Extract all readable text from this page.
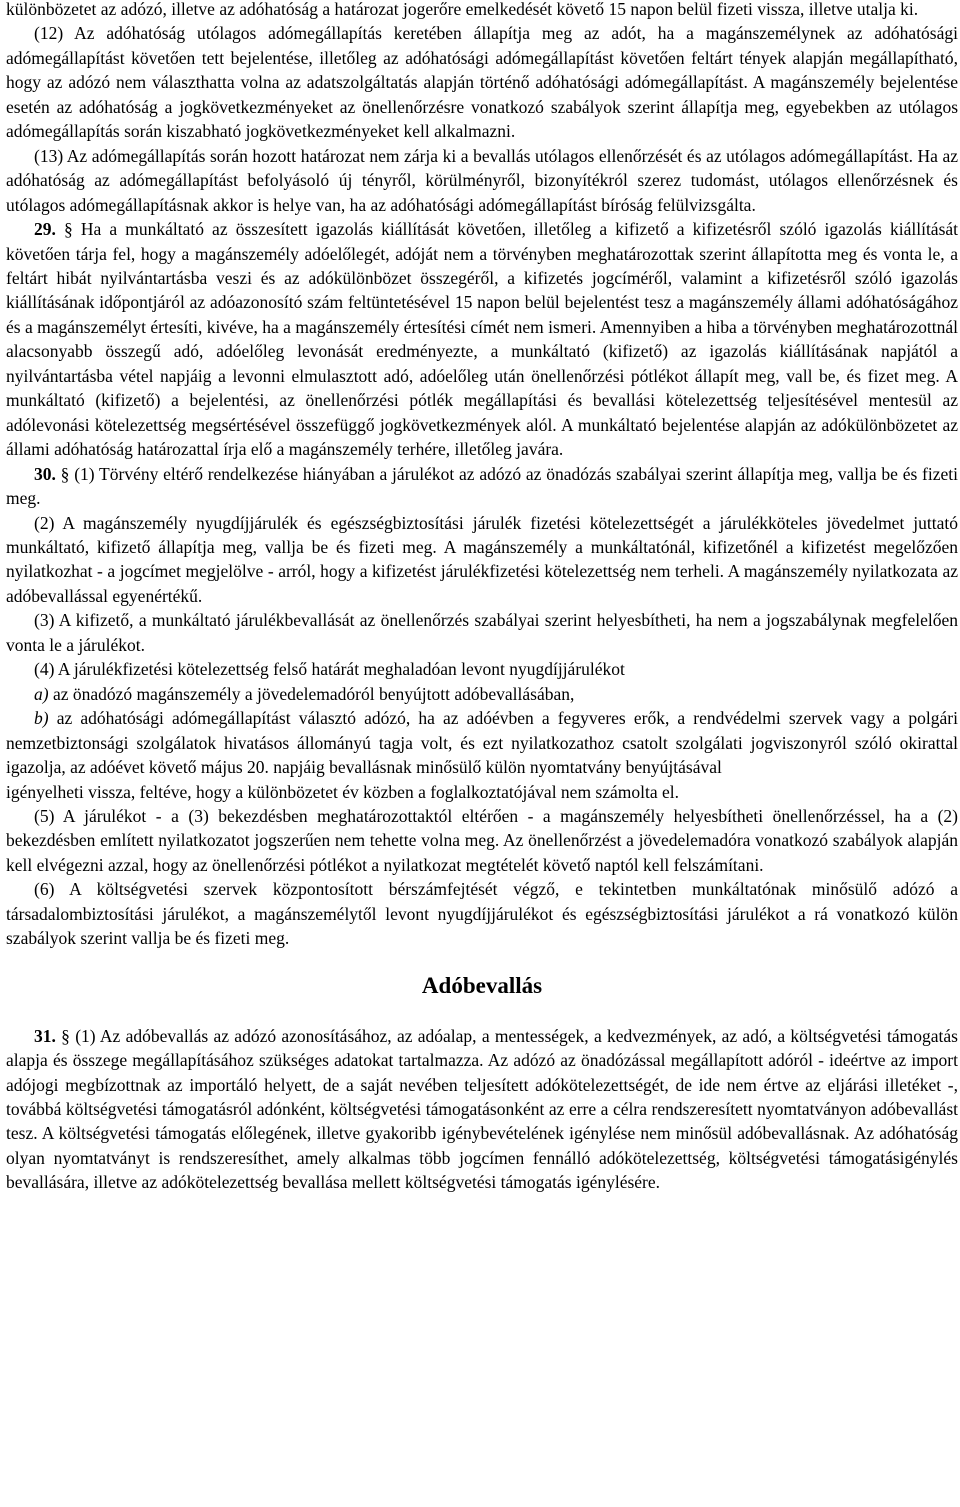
különbözetet az adózó, illetve az adóhatóság a határozat jogerőre emelkedését követő 15 napon belül fizeti vissza, illetve utalja ki.

(12) Az adóhatóság utólagos adómegállapítás keretében állapítja meg az adót, ha a magánszemélynek az adóhatósági adómegállapítást követően tett bejelentése, illetőleg az adóhatósági adómegállapítást követően feltárt tények alapján megállapítható, hogy az adózó nem választhatta volna az adatszolgáltatás alapján történő adóhatósági adómegállapítást. A magánszemély bejelentése esetén az adóhatóság a jogkövetkezményeket az önellenőrzésre vonatkozó szabályok szerint állapítja meg, egyebekben az utólagos adómegállapítás során kiszabható jogkövetkezményeket kell alkalmazni.

(13) Az adómegállapítás során hozott határozat nem zárja ki a bevallás utólagos ellenőrzését és az utólagos adómegállapítást. Ha az adóhatóság az adómegállapítást befolyásoló új tényről, körülményről, bizonyítékról szerez tudomást, utólagos ellenőrzésnek és utólagos adómegállapításnak akkor is helye van, ha az adóhatósági adómegállapítást bíróság felülvizsgálta.

29. § Ha a munkáltató az összesített igazolás kiállítását követően, illetőleg a kifizető a kifizetésről szóló igazolás kiállítását követően tárja fel, hogy a magánszemély adóelőlegét, adóját nem a törvényben meghatározottak szerint állapította meg és vonta le, a feltárt hibát nyilvántartásba veszi és az adókülönbözet összegéről, a kifizetés jogcíméről, valamint a kifizetésről szóló igazolás kiállításának időpontjáról az adóazonosító szám feltüntetésével 15 napon belül bejelentést tesz a magánszemély állami adóhatóságához és a magánszemélyt értesíti, kivéve, ha a magánszemély értesítési címét nem ismeri. Amennyiben a hiba a törvényben meghatározottnál alacsonyabb összegű adó, adóelőleg levonását eredményezte, a munkáltató (kifizető) az igazolás kiállításának napjától a nyilvántartásba vétel napjáig a levonni elmulasztott adó, adóelőleg után önellenőrzési pótlékot állapít meg, vall be, és fizet meg. A munkáltató (kifizető) a bejelentési, az önellenőrzési pótlék megállapítási és bevallási kötelezettség teljesítésével mentesül az adólevonási kötelezettség megsértésével összefüggő jogkövetkezmények alól. A munkáltató bejelentése alapján az adókülönbözetet az állami adóhatóság határozattal írja elő a magánszemély terhére, illetőleg javára.

30. § (1) Törvény eltérő rendelkezése hiányában a járulékot az adózó az önadózás szabályai szerint állapítja meg, vallja be és fizeti meg.

(2) A magánszemély nyugdíjjárulék és egészségbiztosítási járulék fizetési kötelezettségét a járulékköteles jövedelmet juttató munkáltató, kifizető állapítja meg, vallja be és fizeti meg. A magánszemély a munkáltatónál, kifizetőnél a kifizetést megelőzően nyilatkozhat - a jogcímet megjelölve - arról, hogy a kifizetést járulékfizetési kötelezettség nem terheli. A magánszemély nyilatkozata az adóbevallással egyenértékű.

(3) A kifizető, a munkáltató járulékbevallását az önellenőrzés szabályai szerint helyesbítheti, ha nem a jogszabálynak megfelelően vonta le a járulékot.

(4) A járulékfizetési kötelezettség felső határát meghaladóan levont nyugdíjjárulékot

a) az önadózó magánszemély a jövedelemadóról benyújtott adóbevallásában,

b) az adóhatósági adómegállapítást választó adózó, ha az adóévben a fegyveres erők, a rendvédelmi szervek vagy a polgári nemzetbiztonsági szolgálatok hivatásos állományú tagja volt, és ezt nyilatkozathoz csatolt szolgálati jogviszonyról szóló okirattal igazolja, az adóévet követő május 20. napjáig bevallásnak minősülő külön nyomtatvány benyújtásával

igényelheti vissza, feltéve, hogy a különbözetet év közben a foglalkoztatójával nem számolta el.

(5) A járulékot - a (3) bekezdésben meghatározottaktól eltérően - a magánszemély helyesbítheti önellenőrzéssel, ha a (2) bekezdésben említett nyilatkozatot jogszerűen nem tehette volna meg. Az önellenőrzést a jövedelemadóra vonatkozó szabályok alapján kell elvégezni azzal, hogy az önellenőrzési pótlékot a nyilatkozat megtételét követő naptól kell felszámítani.

(6) A költségvetési szervek központosított bérszámfejtését végző, e tekintetben munkáltatónak minősülő adózó a társadalombiztosítási járulékot, a magánszemélytől levont nyugdíjjárulékot és egészségbiztosítási járulékot a rá vonatkozó külön szabályok szerint vallja be és fizeti meg.

Adóbevallás

31. § (1) Az adóbevallás az adózó azonosításához, az adóalap, a mentességek, a kedvezmények, az adó, a költségvetési támogatás alapja és összege megállapításához szükséges adatokat tartalmazza. Az adózó az önadózással megállapított adóról - ideértve az import adójogi megbízottnak az importáló helyett, de a saját nevében teljesített adókötelezettségét, de ide nem értve az eljárási illetéket -, továbbá költségvetési támogatásról adónként, költségvetési támogatásonként az erre a célra rendszeresített nyomtatványon adóbevallást tesz. A költségvetési támogatás előlegének, illetve gyakoribb igénybevételének igénylése nem minősül adóbevallásnak. Az adóhatóság olyan nyomtatványt is rendszeresíthet, amely alkalmas több jogcímen fennálló adókötelezettség, költségvetési támogatásigénylés bevallására, illetve az adókötelezettség bevallása mellett költségvetési támogatás igénylésére.
